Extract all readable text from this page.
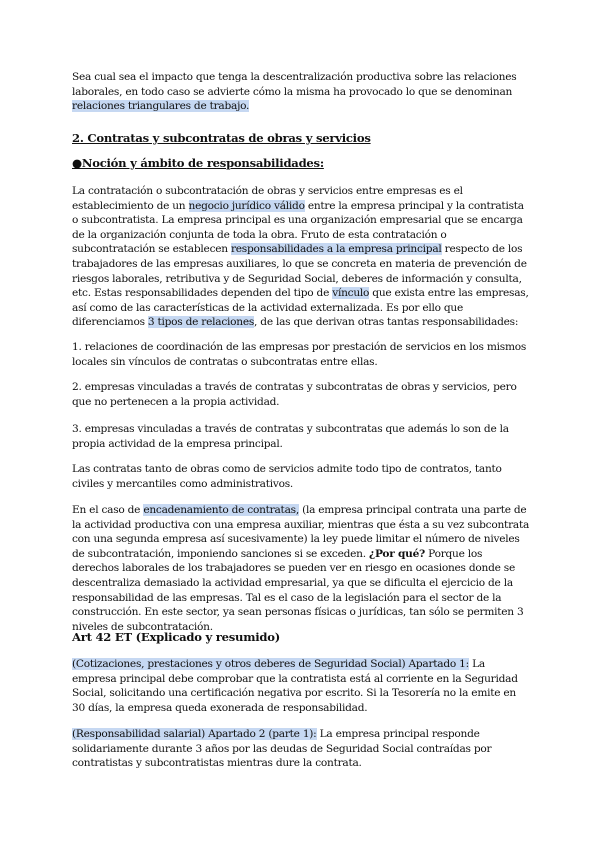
Sea cual sea el impacto que tenga la descentralización productiva sobre las relaciones laborales, en todo caso se advierte cómo la misma ha provocado lo que se denominan relaciones triangulares de trabajo.

2. Contratas y subcontratas de obras y servicios

●Noción y ámbito de responsabilidades:

La contratación o subcontratación de obras y servicios entre empresas es el establecimiento de un negocio jurídico válido entre la empresa principal y la contratista o subcontratista. La empresa principal es una organización empresarial que se encarga de la organización conjunta de toda la obra. Fruto de esta contratación o subcontratación se establecen responsabilidades a la empresa principal respecto de los trabajadores de las empresas auxiliares, lo que se concreta en materia de prevención de riesgos laborales, retributiva y de Seguridad Social, deberes de información y consulta, etc. Estas responsabilidades dependen del tipo de vínculo que exista entre las empresas, así como de las características de la actividad externalizada. Es por ello que diferenciamos 3 tipos de relaciones, de las que derivan otras tantas responsabilidades:

1. relaciones de coordinación de las empresas por prestación de servicios en los mismos locales sin vínculos de contratas o subcontratas entre ellas.

2. empresas vinculadas a través de contratas y subcontratas de obras y servicios, pero que no pertenecen a la propia actividad.

3. empresas vinculadas a través de contratas y subcontratas que además lo son de la propia actividad de la empresa principal.

Las contratas tanto de obras como de servicios admite todo tipo de contratos, tanto civiles y mercantiles como administrativos.

En el caso de encadenamiento de contratas, (la empresa principal contrata una parte de la actividad productiva con una empresa auxiliar, mientras que ésta a su vez subcontrata con una segunda empresa así sucesivamente) la ley puede limitar el número de niveles de subcontratación, imponiendo sanciones si se exceden. ¿Por qué? Porque los derechos laborales de los trabajadores se pueden ver en riesgo en ocasiones donde se descentraliza demasiado la actividad empresarial, ya que se dificulta el ejercicio de la responsabilidad de las empresas. Tal es el caso de la legislación para el sector de la construcción. En este sector, ya sean personas físicas o jurídicas, tan sólo se permiten 3 niveles de subcontratación.

Art 42 ET (Explicado y resumido)

(Cotizaciones, prestaciones y otros deberes de Seguridad Social) Apartado 1: La empresa principal debe comprobar que la contratista está al corriente en la Seguridad Social, solicitando una certificación negativa por escrito. Si la Tesorería no la emite en 30 días, la empresa queda exonerada de responsabilidad.

(Responsabilidad salarial) Apartado 2 (parte 1): La empresa principal responde solidariamente durante 3 años por las deudas de Seguridad Social contraídas por contratistas y subcontratistas mientras dure la contrata.
